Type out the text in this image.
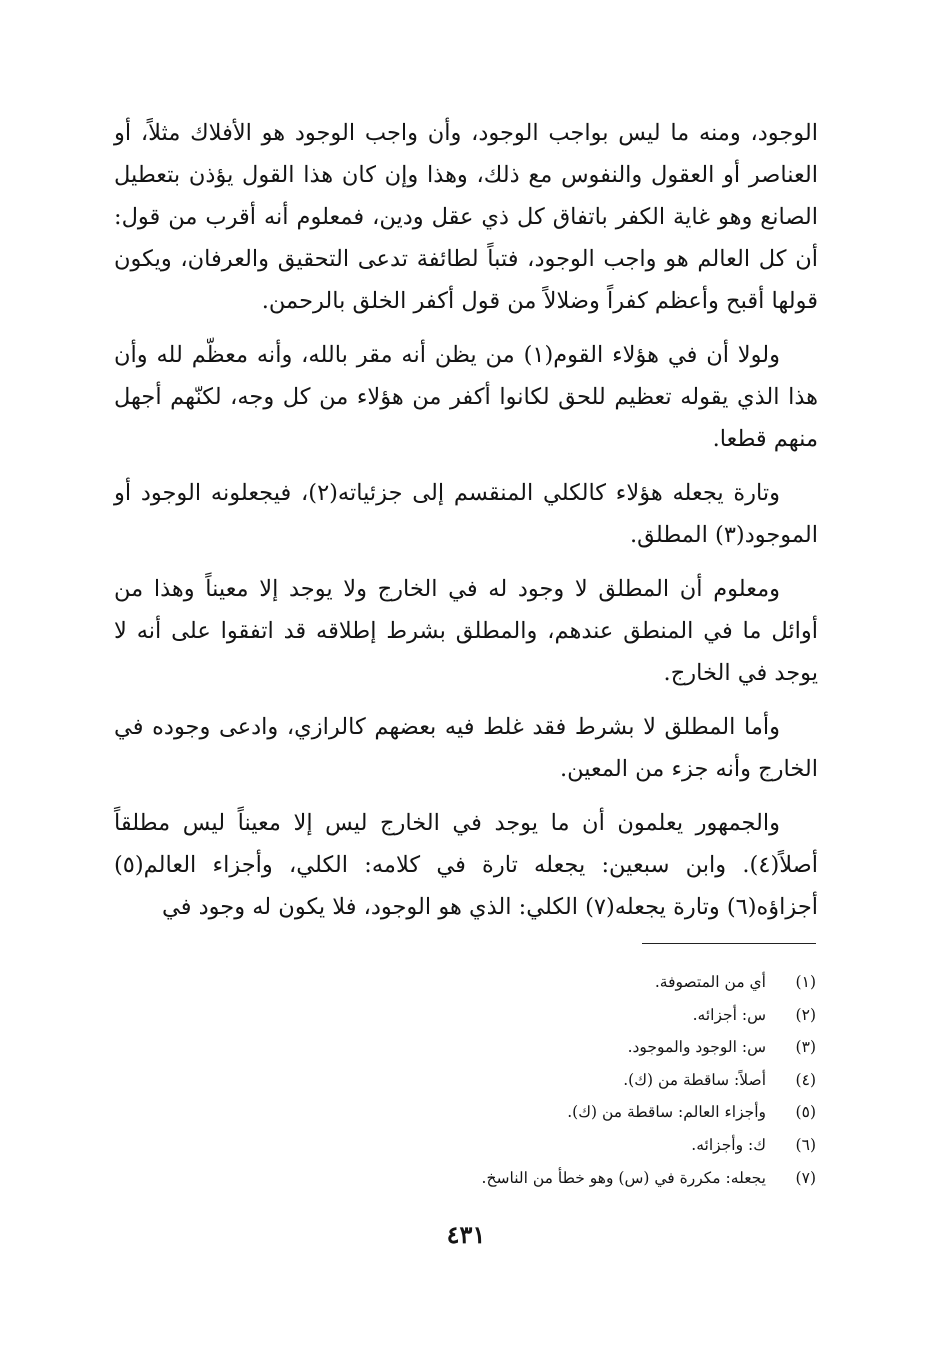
الوجود، ومنه ما ليس بواجب الوجود، وأن واجب الوجود هو الأفلاك مثلاً، أو العناصر أو العقول والنفوس مع ذلك، وهذا وإن كان هذا القول يؤذن بتعطيل الصانع وهو غاية الكفر باتفاق كل ذي عقل ودين، فمعلوم أنه أقرب من قول: أن كل العالم هو واجب الوجود، فتباً لطائفة تدعى التحقيق والعرفان، ويكون قولها أقبح وأعظم كفراً وضلالاً من قول أكفر الخلق بالرحمن.

ولولا أن في هؤلاء القوم(١) من يظن أنه مقر بالله، وأنه معظّم لله وأن هذا الذي يقوله تعظيم للحق لكانوا أكفر من هؤلاء من كل وجه، لكنّهم أجهل منهم قطعا.

وتارة يجعله هؤلاء كالكلي المنقسم إلى جزئياته(٢)، فيجعلونه الوجود أو الموجود(٣) المطلق.

ومعلوم أن المطلق لا وجود له في الخارج ولا يوجد إلا معيناً وهذا من أوائل ما في المنطق عندهم، والمطلق بشرط إطلاقه قد اتفقوا على أنه لا يوجد في الخارج.

وأما المطلق لا بشرط فقد غلط فيه بعضهم كالرازي، وادعى وجوده في الخارج وأنه جزء من المعين.

والجمهور يعلمون أن ما يوجد في الخارج ليس إلا معيناً ليس مطلقاً أصلاً(٤). وابن سبعين: يجعله تارة في كلامه: الكلي، وأجزاء العالم(٥) أجزاؤه(٦) وتارة يجعله(٧) الكلي: الذي هو الوجود، فلا يكون له وجود في

(١)
أي من المتصوفة.
(٢)
س: أجزائه.
(٣)
س: الوجود والموجود.
(٤)
أصلاً: ساقطة من (ك).
(٥)
وأجزاء العالم: ساقطة من (ك).
(٦)
ك: وأجزائه.
(٧)
يجعله: مكررة في (س) وهو خطأ من الناسخ.
٤٣١
